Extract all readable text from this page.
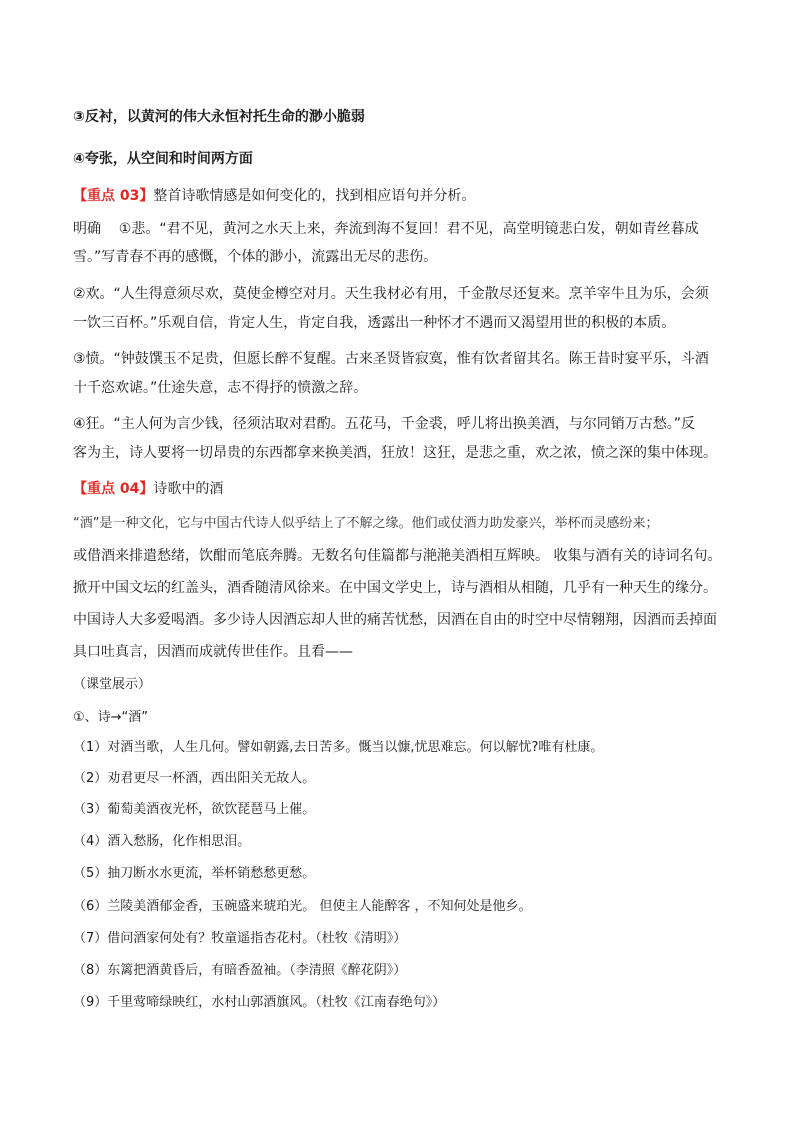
③反衬，以黄河的伟大永恒衬托生命的渺小脆弱
④夸张，从空间和时间两方面
【重点 03】整首诗歌情感是如何变化的，找到相应语句并分析。
明确    ①悲。“君不见，黄河之水天上来，奔流到海不复回！君不见，高堂明镜悲白发，朝如青丝暮成
雪。”写青春不再的感慨，个体的渺小，流露出无尽的悲伤。
②欢。“人生得意须尽欢，莫使金樽空对月。天生我材必有用，千金散尽还复来。烹羊宰牛且为乐，会须
一饮三百杯。”乐观自信，肯定人生，肯定自我，透露出一种怀才不遇而又渴望用世的积极的本质。
③愤。“钟鼓馔玉不足贵，但愿长醉不复醒。古来圣贤皆寂寞，惟有饮者留其名。陈王昔时宴平乐，斗酒
十千恣欢谑。”仕途失意，志不得抒的愤激之辞。
④狂。“主人何为言少钱，径须沽取对君酌。五花马，千金裘，呼儿将出换美酒，与尔同销万古愁。”反
客为主，诗人要将一切昂贵的东西都拿来换美酒，狂放！这狂，是悲之重，欢之浓，愤之深的集中体现。
【重点 04】诗歌中的酒
“酒”是一种文化，它与中国古代诗人似乎结上了不解之缘。他们或仗酒力助发豪兴，举杯而灵感纷来；
或借酒来排遣愁绪，饮酣而笔底奔腾。无数名句佳篇都与滟滟美酒相互辉映。 收集与酒有关的诗词名句。
掀开中国文坛的红盖头，酒香随清风徐来。在中国文学史上，诗与酒相从相随，几乎有一种天生的缘分。
中国诗人大多爱喝酒。多少诗人因酒忘却人世的痛苦忧愁，因酒在自由的时空中尽情翱翔，因酒而丢掉面
具口吐真言，因酒而成就传世佳作。且看——
（课堂展示）
①、诗→“酒”
（1）对酒当歌，人生几何。譬如朝露,去日苦多。慨当以慷,忧思难忘。何以解忧?唯有杜康。
（2）劝君更尽一杯酒，西出阳关无故人。
（3）葡萄美酒夜光杯，欲饮琵琶马上催。
（4）酒入愁肠，化作相思泪。
（5）抽刀断水水更流，举杯销愁愁更愁。
（6）兰陵美酒郁金香，玉碗盛来琥珀光。 但使主人能醉客 ，不知何处是他乡。
（7）借问酒家何处有？牧童遥指杏花村。（杜牧《清明》）
（8）东篱把酒黄昏后，有暗香盈袖。（李清照《醉花阴》）
（9）千里莺啼绿映红，水村山郭酒旗风。（杜牧《江南春绝句》）
